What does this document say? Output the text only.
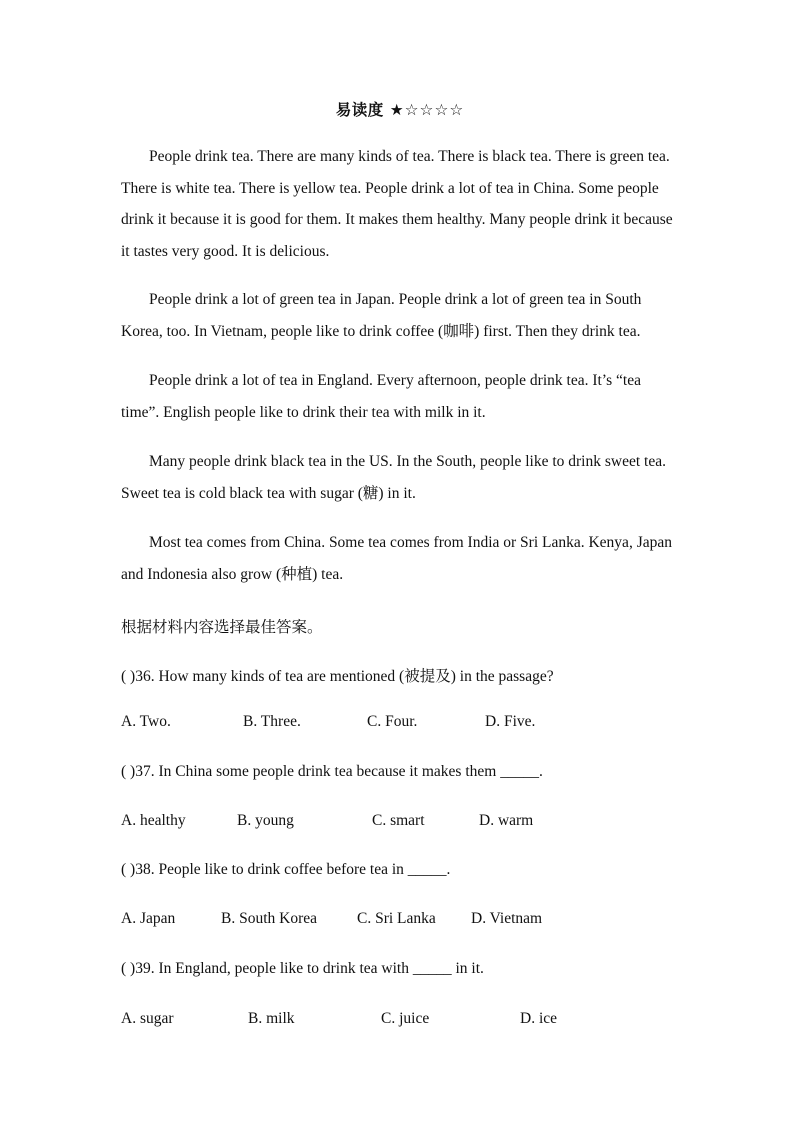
易读度 ★☆☆☆☆

People drink tea. There are many kinds of tea. There is black tea. There is green tea. There is white tea. There is yellow tea. People drink a lot of tea in China. Some people drink it because it is good for them. It makes them healthy. Many people drink it because it tastes very good. It is delicious.

People drink a lot of green tea in Japan. People drink a lot of green tea in South Korea, too. In Vietnam, people like to drink coffee (咖啡) first. Then they drink tea.

People drink a lot of tea in England. Every afternoon, people drink tea. It’s “tea time”. English people like to drink their tea with milk in it.

Many people drink black tea in the US. In the South, people like to drink sweet tea. Sweet tea is cold black tea with sugar (糖) in it.

Most tea comes from China. Some tea comes from India or Sri Lanka. Kenya, Japan and Indonesia also grow (种植) tea.

根据材料内容选择最佳答案。

( )36. How many kinds of tea are mentioned (被提及) in the passage?

A. Two.	B. Three.	C. Four.	D. Five.

( )37. In China some people drink tea because it makes them _____.

A. healthy	B. young	C. smart	D. warm

( )38. People like to drink coffee before tea in _____.

A. Japan	B. South Korea	C. Sri Lanka D. Vietnam

( )39. In England, people like to drink tea with _____ in it.

A. sugar	B. milk	C. juice	D. ice
